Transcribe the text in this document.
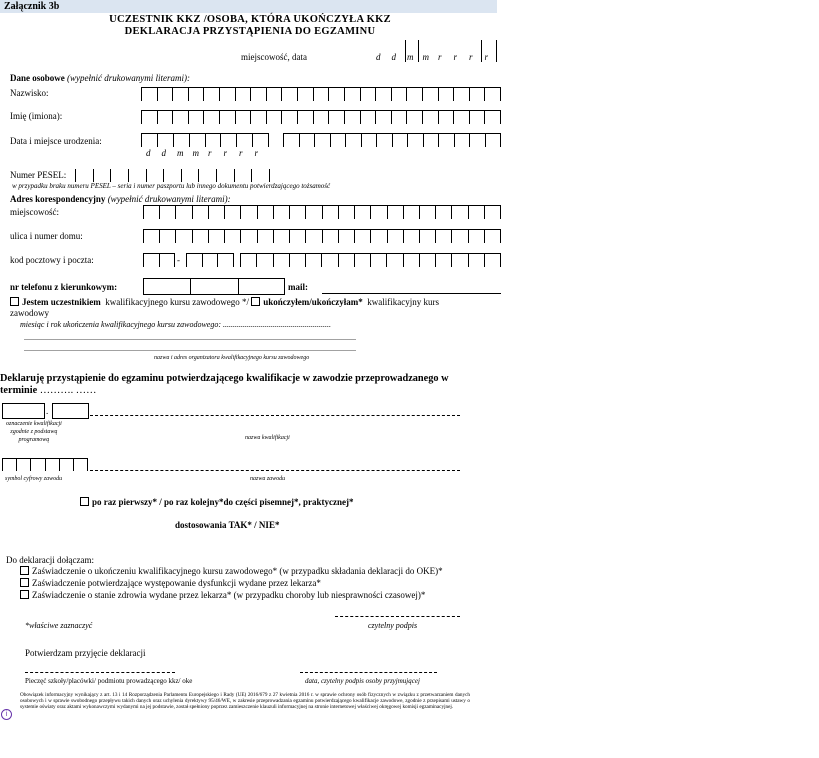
Załącznik 3b
UCZESTNIK KKZ /OSOBA, KTÓRA UKOŃCZYŁA KKZ
DEKLARACJA PRZYSTĄPIENIA DO EGZAMINU
miejscowość, data	d d m m r r r r
Dane osobowe (wypełnić drukowanymi literami):
Nazwisko:
Imię (imiona):
Data i miejsce urodzenia:
d d m m r r r r
Numer PESEL:
w przypadku braku numeru PESEL – seria i numer paszportu lub innego dokumentu potwierdzającego tożsamość
Adres korespondencyjny (wypełnić drukowanymi literami):
miejscowość:
ulica i numer domu:
kod pocztowy i poczta:	-
nr telefonu z kierunkowym:	mail:
Jestem uczestnikiem kwalifikacyjnego kursu zawodowego */ ukończyłem/ukończyłam* kwalifikacyjny kurs
zawodowy
miesiąc i rok ukończenia kwalifikacyjnego kursu zawodowego: ......................................................
......................................................................................................................................................................
......................................................................................................................................................................
nazwa i adres organizatora kwalifikacyjnego kursu zawodowego
Deklaruję przystąpienie do egzaminu potwierdzającego kwalifikacje w zawodzie przeprowadzanego w
terminie ………. ……
.
oznaczenie kwalifikacji
zgodnie z podstawą
programową	nazwa kwalifikacji
symbol cyfrowy zawodu	nazwa zawodu
po raz pierwszy* / po raz kolejny*do części pisemnej*, praktycznej*
dostosowania TAK* / NIE*
Do deklaracji dołączam:
Zaświadczenie o ukończeniu kwalifikacyjnego kursu zawodowego* (w przypadku składania deklaracji do OKE)*
Zaświadczenie potwierdzające występowanie dysfunkcji wydane przez lekarza*
Zaświadczenie o stanie zdrowia wydane przez lekarza* (w przypadku choroby lub niesprawności czasowej)*
*właściwe zaznaczyć	czytelny podpis
Potwierdzam przyjęcie deklaracji
Pieczęć szkoły/placówki/ podmiotu prowadzącego kkz/ oke	data, czytelny podpis osoby przyjmującej
i
Obowiązek informacyjny wynikający z art. 13 i 14 Rozporządzenia Parlamentu Europejskiego i Rady (UE) 2016/679 z 27 kwietnia 2016 r. w sprawie ochrony osób fizycznych w związku z przetwarzaniem danych osobowych i w sprawie swobodnego przepływu takich danych oraz uchylenia dyrektywy 95/46/WE, w zakresie przeprowadzania egzaminu potwierdzającego kwalifikacje zawodowe, zgodnie z przepisami ustawy o systemie oświaty oraz aktami wykonawczymi wydanymi na jej podstawie, został spełniony poprzez zamieszczenie klauzuli informacyjnej na stronie internetowej właściwej okręgowej komisji egzaminacyjnej.
